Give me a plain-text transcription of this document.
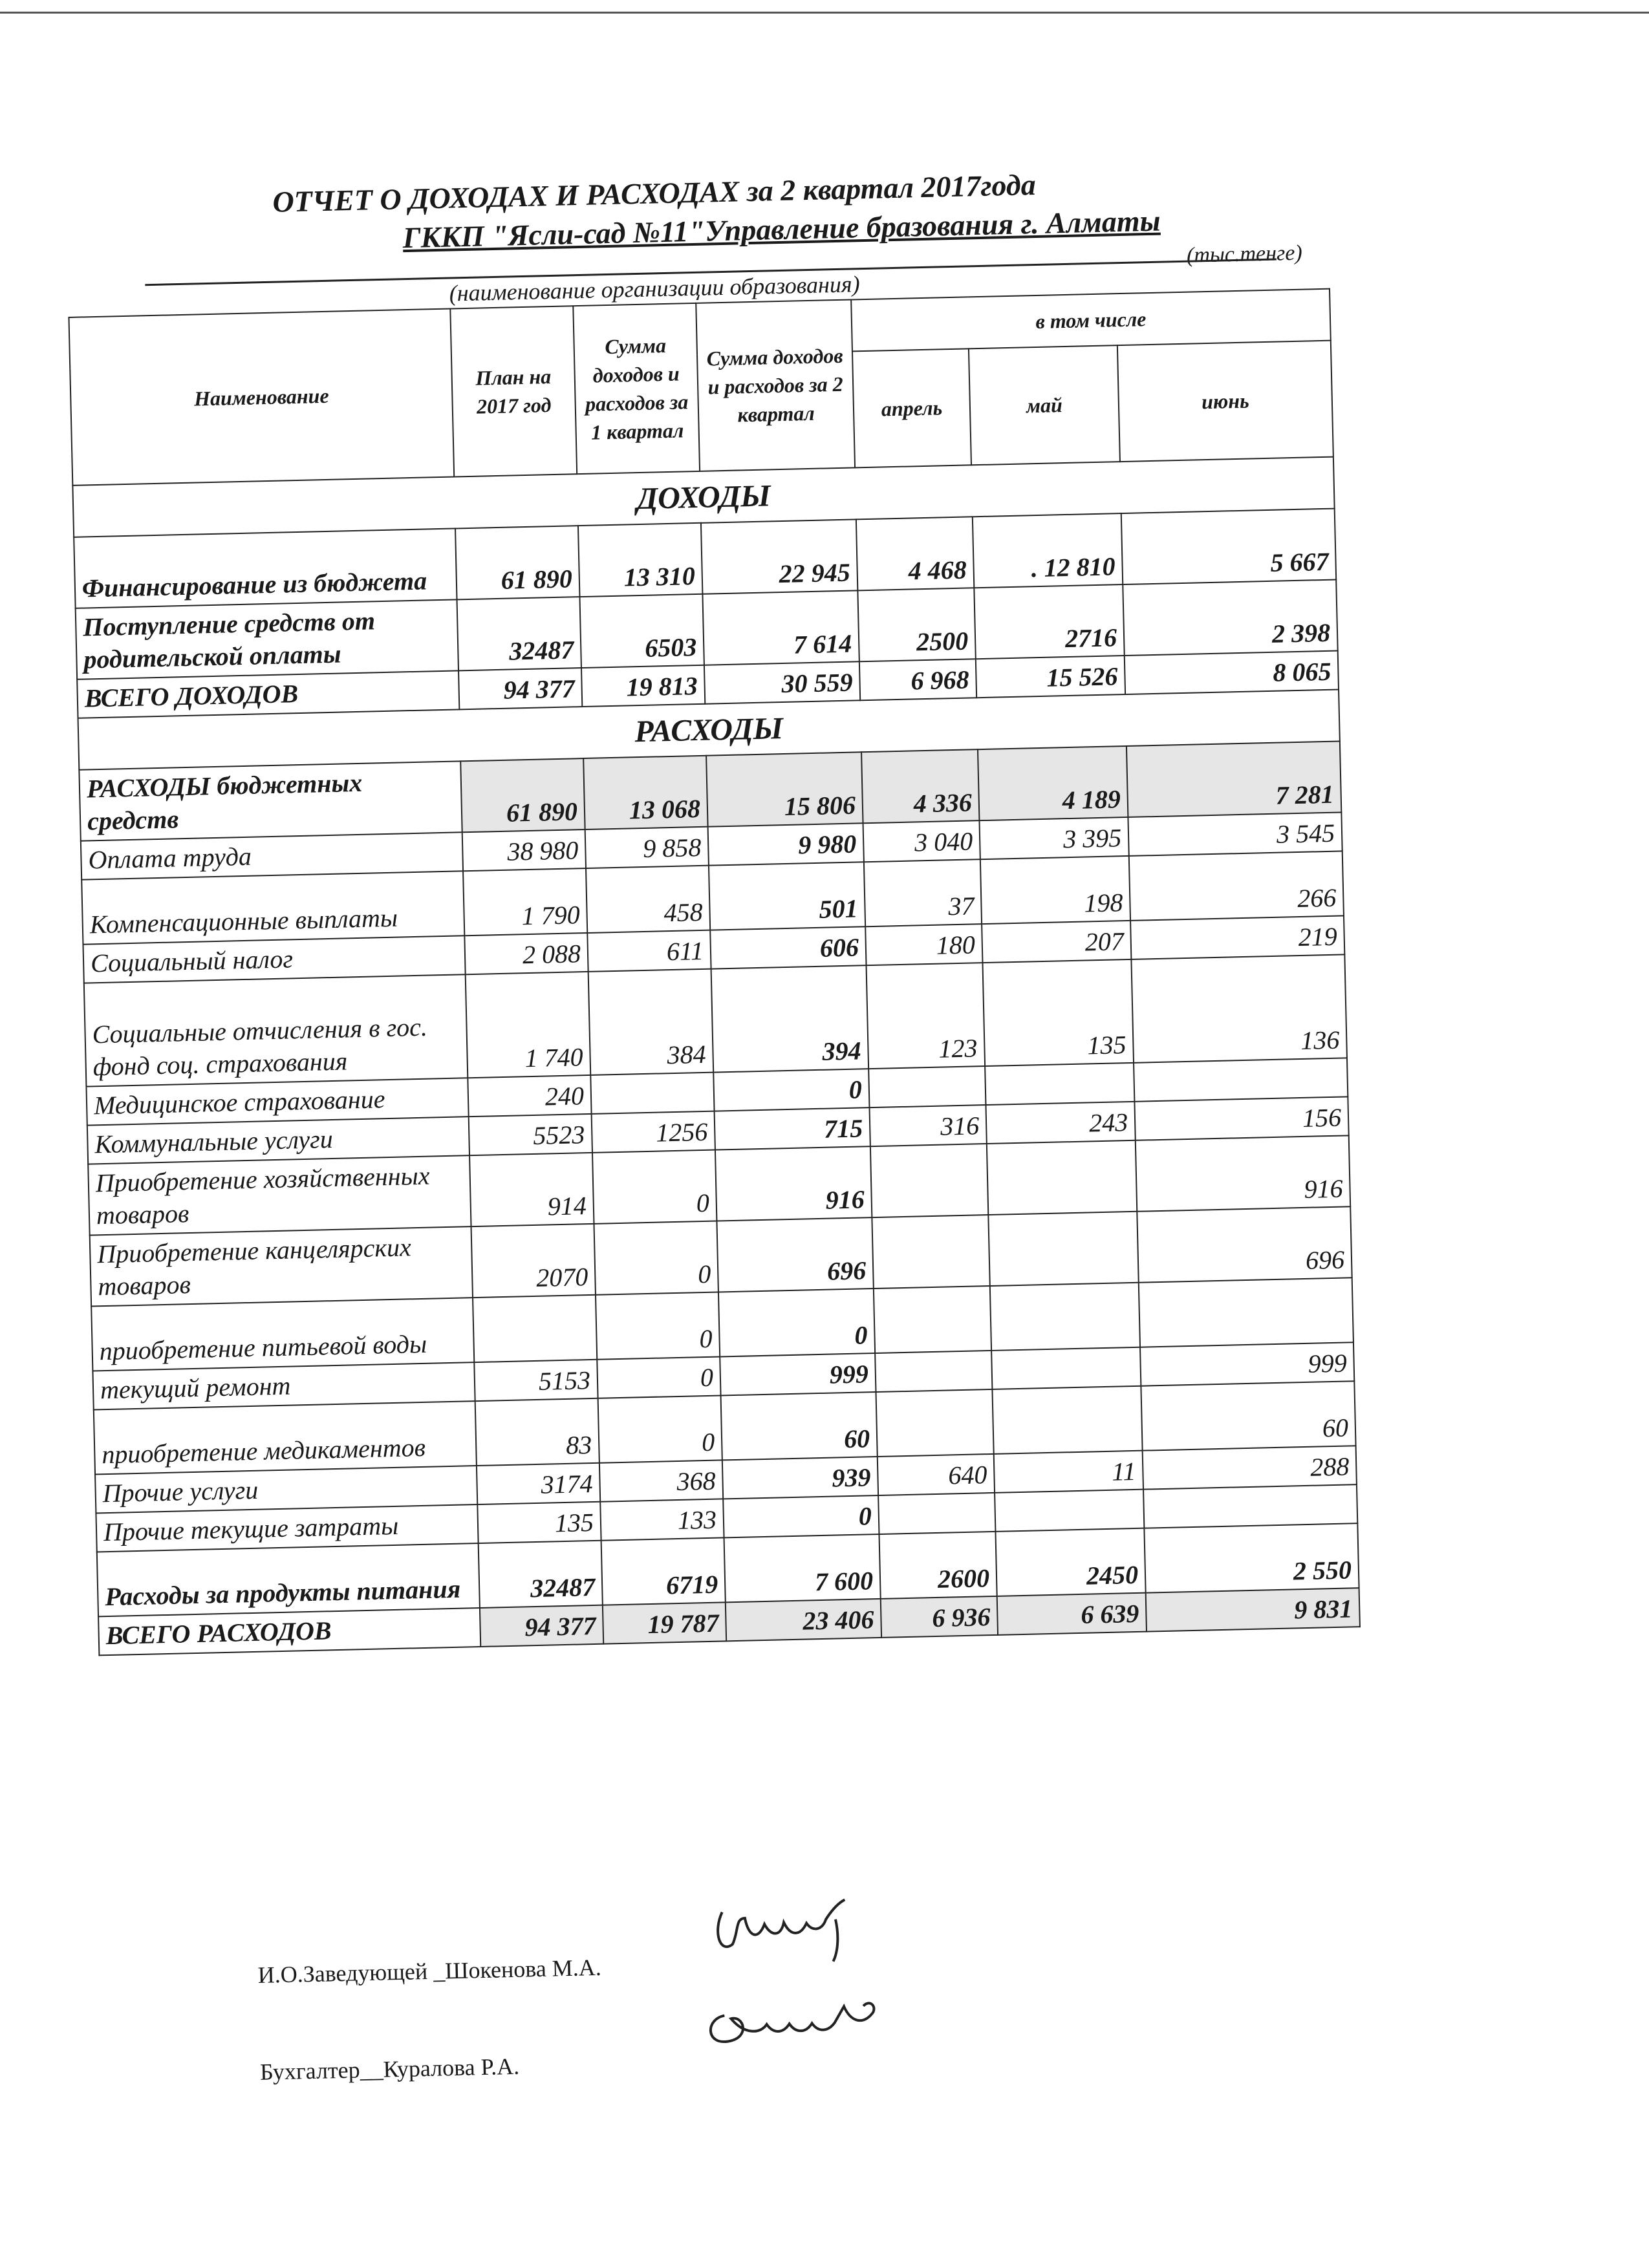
ОТЧЕТ О ДОХОДАХ И РАСХОДАХ за 2 квартал 2017года
ГККП "Ясли-сад №11"Управление бразования г. Алматы	(тыс.тенге)
(наименование организации образования)
Наименование	План на 2017 год	Сумма доходов и расходов за 1 квартал	Сумма доходов и расходов за 2 квартал	в том числе		
				апрель	май	июнь
ДОХОДЫ						
Финансирование из бюджета	61 890	13 310	22 945	4 468	. 12 810	5 667
Поступление средств от родительской оплаты	32487	6503	7 614	2500	2716	2 398
ВСЕГО ДОХОДОВ	94 377	19 813	30 559	6 968	15 526	8 065
РАСХОДЫ						
РАСХОДЫ бюджетных средств	61 890	13 068	15 806	4 336	4 189	7 281
Оплата труда	38 980	9 858	9 980	3 040	3 395	3 545
Компенсационные выплаты	1 790	458	501	37	198	266
Социальный налог	2 088	611	606	180	207	219
Социальные отчисления в гос. фонд соц. страхования	1 740	384	394	123	135	136
Медицинское страхование	240		0			
Коммунальные услуги	5523	1256	715	316	243	156
Приобретение хозяйственных товаров	914	0	916			916
Приобретение канцелярских товаров	2070	0	696			696
приобретение питьевой воды		0	0			
текущий ремонт	5153	0	999			999
приобретение медикаментов	83	0	60			60
Прочие услуги	3174	368	939	640	11	288
Прочие текущие затраты	135	133	0			
Расходы за продукты питания	32487	6719	7 600	2600	2450	2 550
ВСЕГО РАСХОДОВ	94 377	19 787	23 406	6 936	6 639	9 831
И.О.Заведующей _Шокенова М.А.
Бухгалтер__Куралова Р.А.
